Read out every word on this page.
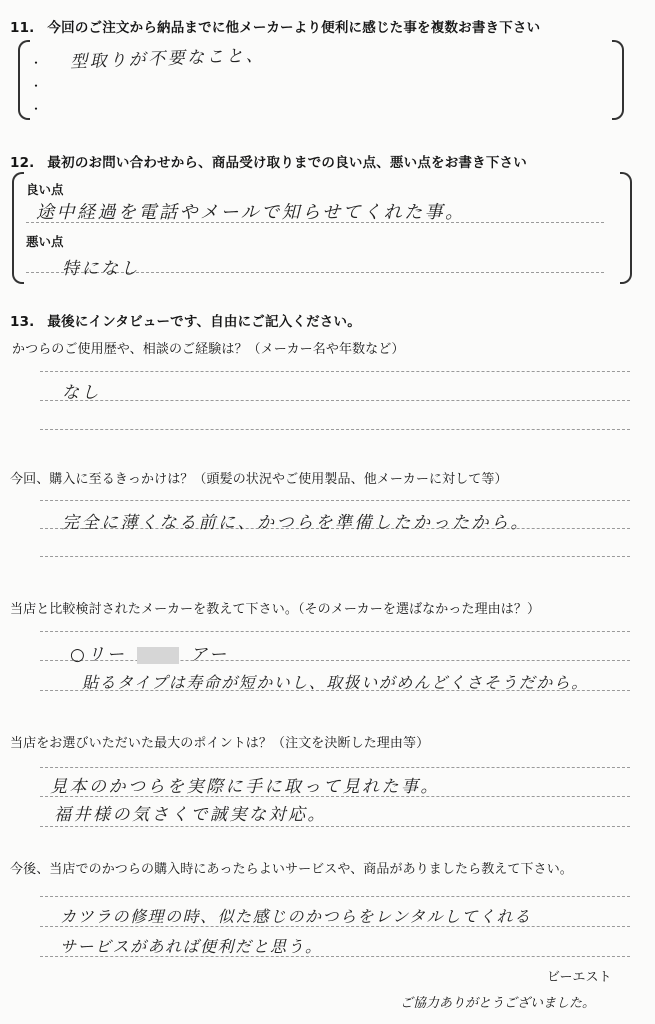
11. 今回のご注文から納品までに他メーカーより便利に感じた事を複数お書き下さい
・
・
・
型取りが不要なこと、
12. 最初のお問い合わせから、商品受け取りまでの良い点、悪い点をお書き下さい
良い点
途中経過を電話やメールで知らせてくれた事。
悪い点
特になし
13. 最後にインタビューです、自由にご記入ください。
かつらのご使用歴や、相談のご経験は？（メーカー名や年数など）
なし
今回、購入に至るきっかけは？（頭髪の状況やご使用製品、他メーカーに対して等）
完全に薄くなる前に、かつらを準備したかったから。
当店と比較検討されたメーカーを教えて下さい。（そのメーカーを選ばなかった理由は？）
○リー	アー
貼るタイプは寿命が短かいし、取扱いがめんどくさそうだから。
当店をお選びいただいた最大のポイントは？（注文を決断した理由等）
見本のかつらを実際に手に取って見れた事。
福井様の気さくで誠実な対応。
今後、当店でのかつらの購入時にあったらよいサービスや、商品がありましたら教えて下さい。
カツラの修理の時、似た感じのかつらをレンタルしてくれる
サービスがあれば便利だと思う。
ビーエスト
ご協力ありがとうございました。
